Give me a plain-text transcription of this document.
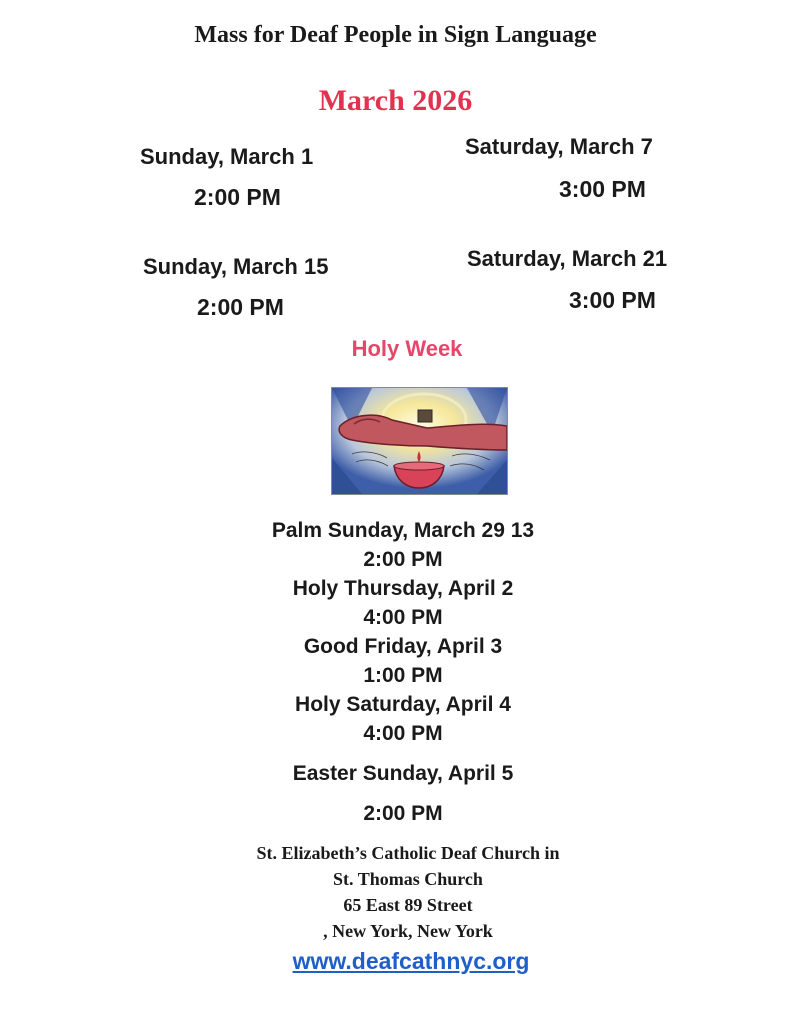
Mass for Deaf People in Sign Language
March 2026
Sunday, March 1
2:00 PM
Saturday, March 7
3:00 PM
Sunday, March 15
2:00 PM
Saturday, March 21
3:00 PM
Holy Week
Palm Sunday, March 29 13
2:00 PM
Holy Thursday, April 2
4:00 PM
Good Friday, April 3
1:00 PM
Holy Saturday, April 4
4:00 PM
Easter Sunday, April 5
2:00 PM
St. Elizabeth’s Catholic Deaf Church in
St. Thomas Church
65 East 89 Street
, New York, New York
www.deafcathnyc.org
